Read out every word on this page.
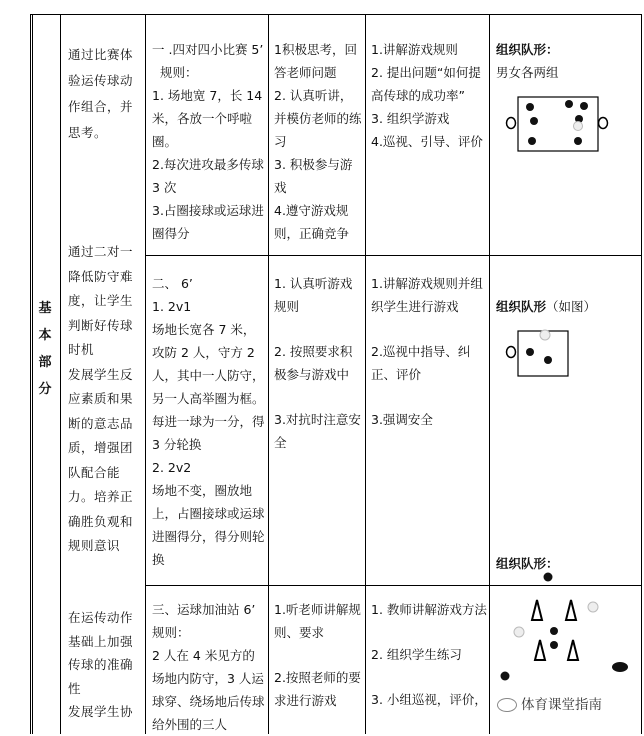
基
本
部
分

通过比赛体验运传球动作组合，并思考。

一 .四对四小比赛 5’

规则：

1. 场地宽 7，长 14 米，各放一个呼啦圈。

2.每次进攻最多传球 3 次

3.占圈接球或运球进圈得分

1积极思考，回答老师问题

2. 认真听讲，并模仿老师的练习

3. 积极参与游戏

4.遵守游戏规则，正确竞争

1.讲解游戏规则

2. 提出问题“如何提高传球的成功率”

3. 组织学游戏

4.巡视、引导、评价

组织队形：

男女各两组

通过二对一降低防守难度，让学生判断好传球时机

发展学生反应素质和果断的意志品质，增强团队配合能力。培养正确胜负观和规则意识

二、 6’

1. 2v1

场地长宽各 7 米，攻防 2 人，守方 2 人，其中一人防守，另一人高举圈为框。每进一球为一分，得 3 分轮换

2. 2v2

场地不变，圈放地上，占圈接球或运球进圈得分，得分则轮换

1. 认真听游戏规则

2. 按照要求积极参与游戏中

3.对抗时注意安全

1.讲解游戏规则并组织学生进行游戏

2.巡视中指导、纠正、评价

3.强调安全

组织队形（如图）

在运传动作基础上加强传球的准确性

发展学生协

三、运球加油站 6’

规则：

2 人在 4 米见方的场地内防守，3 人运球穿、绕场地后传球给外围的三人

1.听老师讲解规则、要求

2.按照老师的要求进行游戏

1. 教师讲解游戏方法

2. 组织学生练习

3. 小组巡视，评价，

组织队形：

体育课堂指南
